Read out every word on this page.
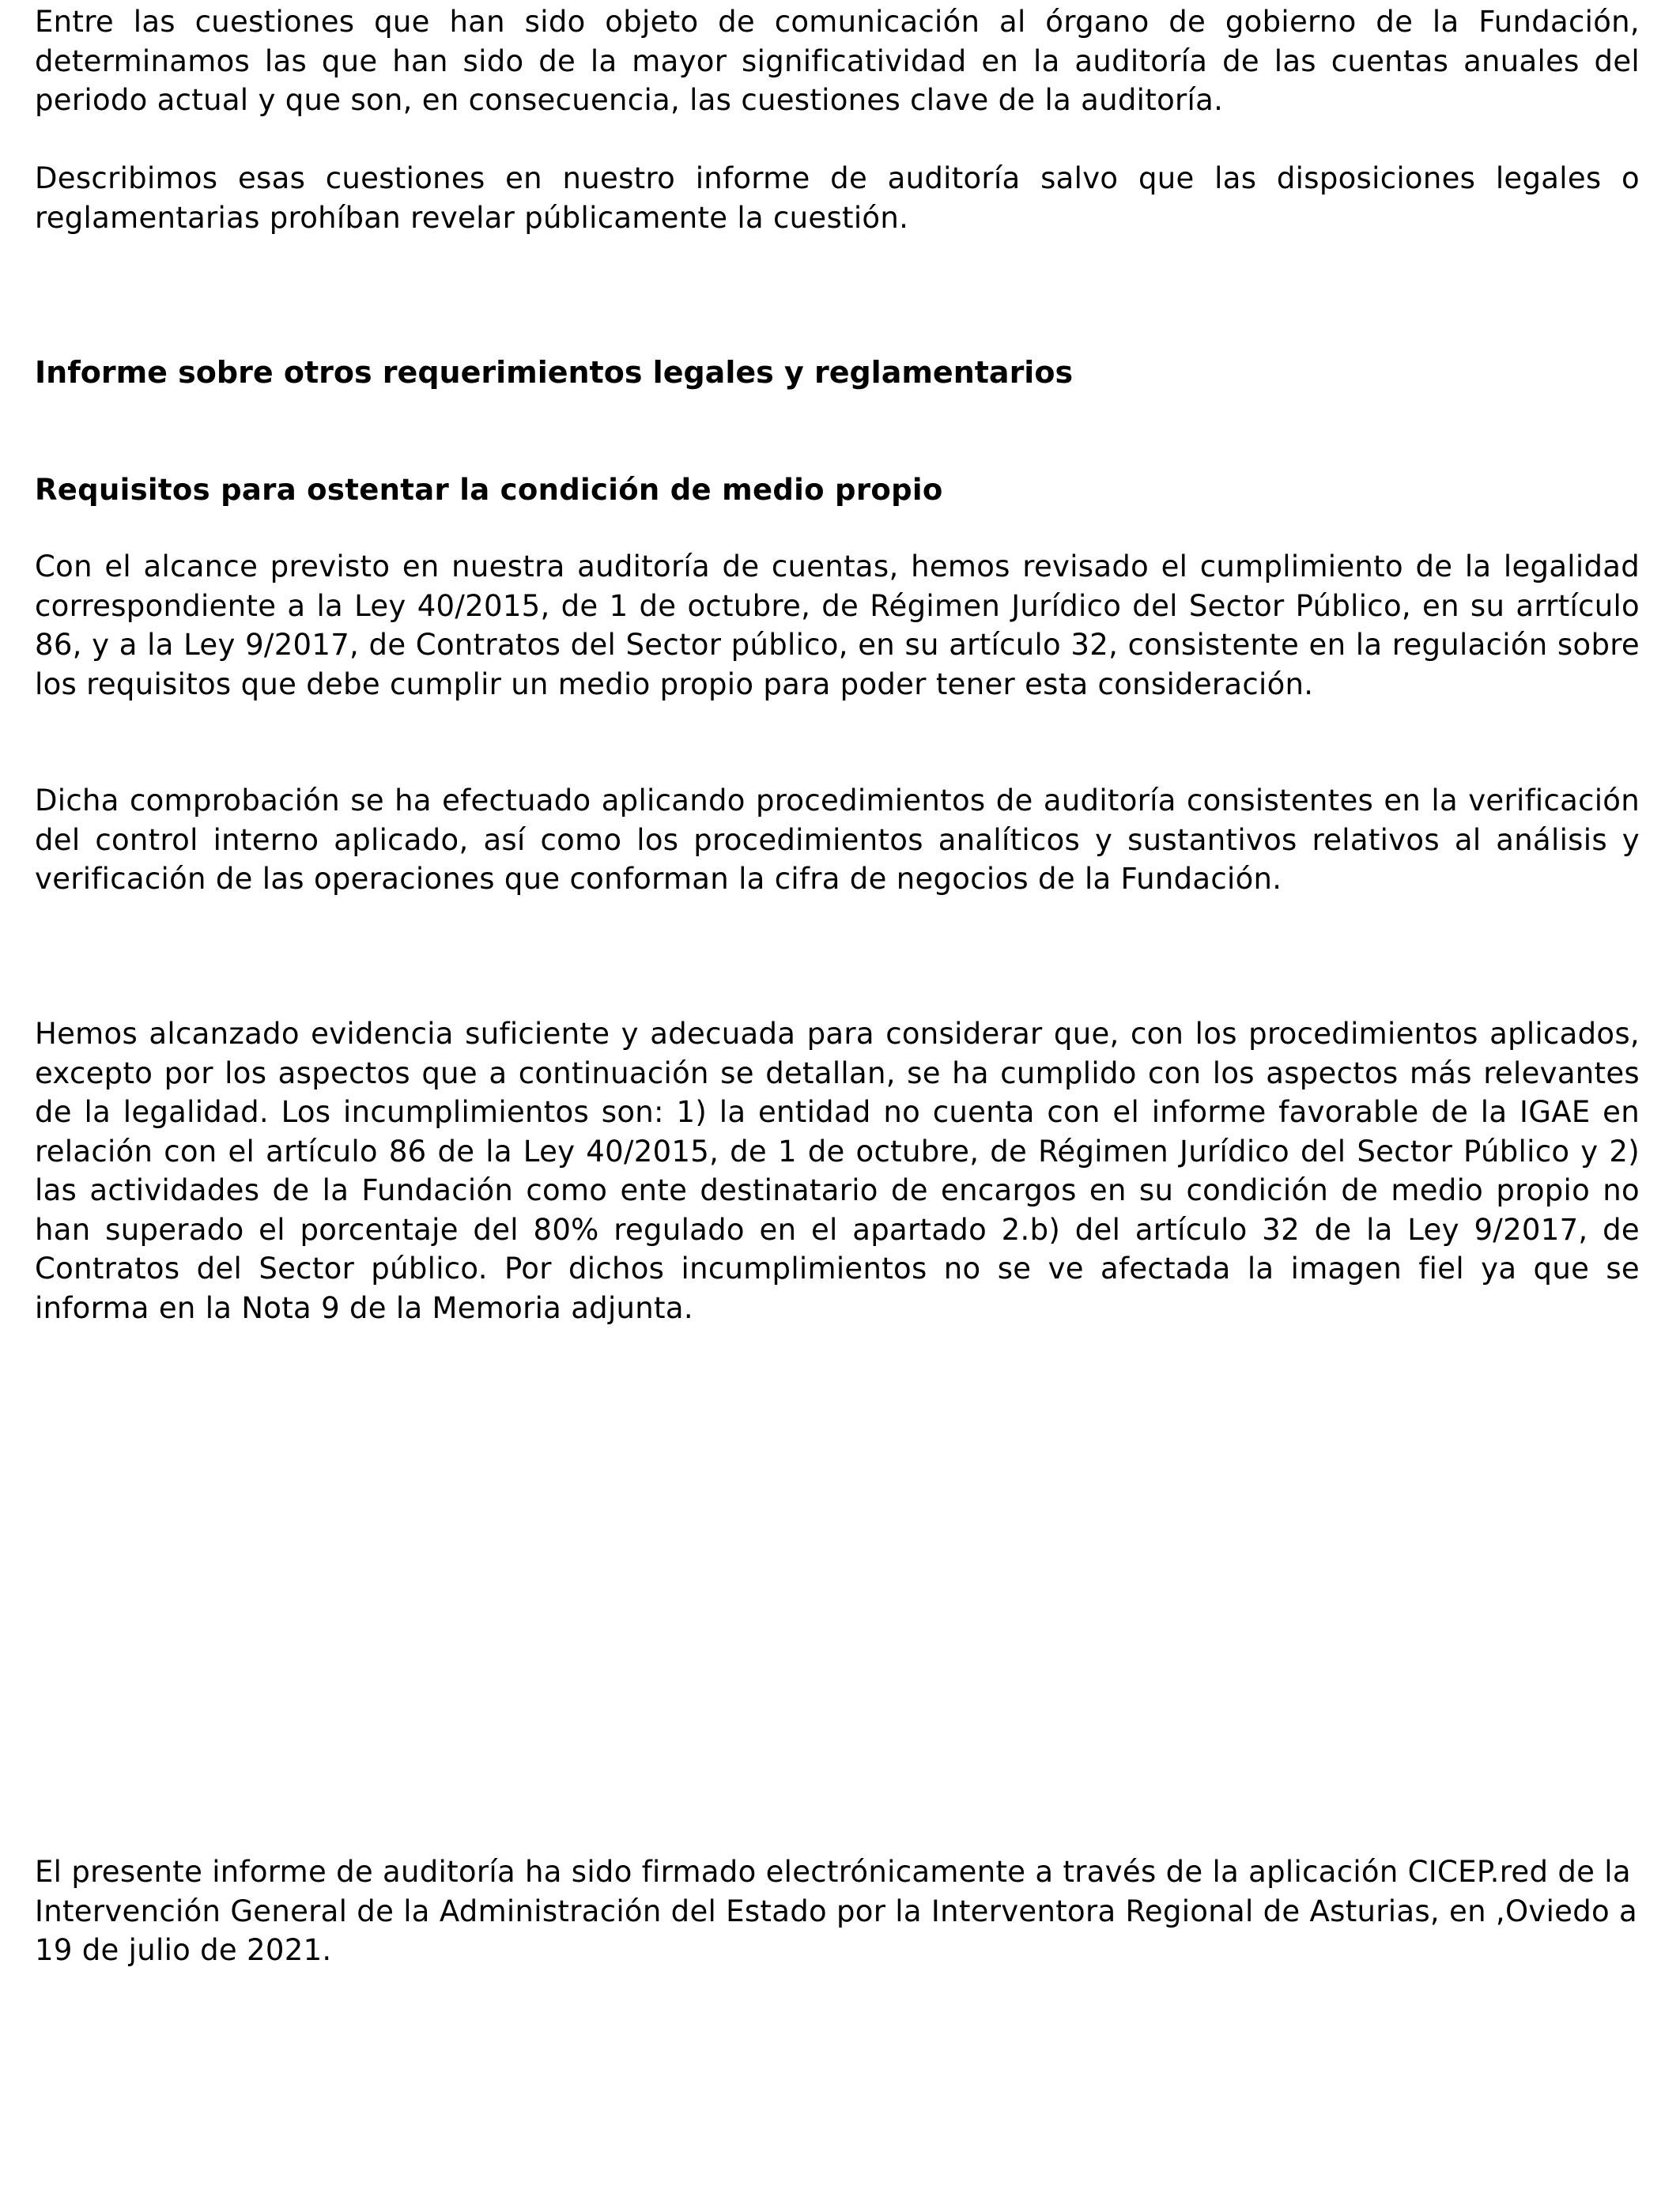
Entre las cuestiones que han sido objeto de comunicación al órgano de gobierno de la Fundación, determinamos las que han sido de la mayor significatividad en la auditoría de las cuentas anuales del periodo actual y que son, en consecuencia, las cuestiones clave de la auditoría.

Describimos esas cuestiones en nuestro informe de auditoría salvo que las disposiciones legales o reglamentarias prohíban revelar públicamente la cuestión.

Informe sobre otros requerimientos legales y reglamentarios
Requisitos para ostentar la condición de medio propio

Con el alcance previsto en nuestra auditoría de cuentas, hemos revisado el cumplimiento de la legalidad correspondiente a la Ley 40/2015, de 1 de octubre, de Régimen Jurídico del Sector Público, en su arrtículo 86, y a la Ley 9/2017, de Contratos del Sector público, en su artículo 32, consistente en la regulación sobre los requisitos que debe cumplir un medio propio para poder tener esta consideración.

Dicha comprobación se ha efectuado aplicando procedimientos de auditoría consistentes en la verificación del control interno aplicado, así como los procedimientos analíticos y sustantivos relativos al análisis y verificación de las operaciones que conforman la cifra de negocios de la Fundación.

Hemos alcanzado evidencia suficiente y adecuada para considerar que, con los procedimientos aplicados, excepto por los aspectos que a continuación se detallan, se ha cumplido con los aspectos más relevantes de la legalidad. Los incumplimientos son: 1) la entidad no cuenta con el informe favorable de la IGAE en relación con el artículo 86 de la Ley 40/2015, de 1 de octubre, de Régimen Jurídico del Sector Público y 2) las actividades de la Fundación como ente destinatario de encargos en su condición de medio propio no han superado el porcentaje del 80% regulado en el apartado 2.b) del artículo 32 de la Ley 9/2017, de Contratos del Sector público. Por dichos incumplimientos no se ve afectada la imagen fiel ya que se informa en la Nota 9 de la Memoria adjunta.

El presente informe de auditoría ha sido firmado electrónicamente a través de la aplicación CICEP.red de la Intervención General de la Administración del Estado por la Interventora Regional de Asturias, en ,Oviedo a 19 de julio de 2021.
